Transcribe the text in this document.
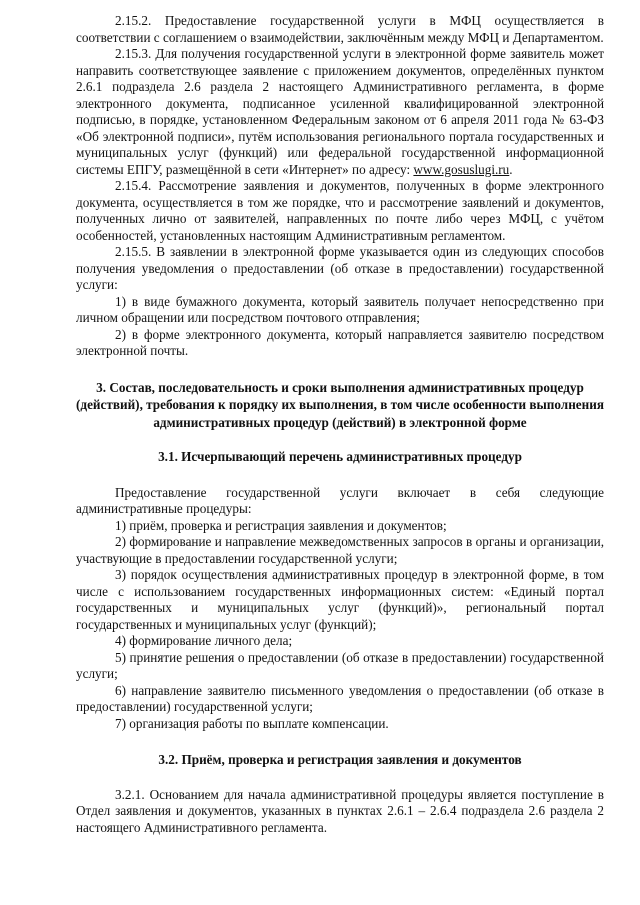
2.15.2. Предоставление государственной услуги в МФЦ осуществляется в соответствии с соглашением о взаимодействии, заключённым между МФЦ и Департаментом.

2.15.3. Для получения государственной услуги в электронной форме заявитель может направить соответствующее заявление с приложением документов, определённых пунктом 2.6.1 подраздела 2.6 раздела 2 настоящего Административного регламента, в форме электронного документа, подписанное усиленной квалифицированной электронной подписью, в порядке, установленном Федеральным законом от 6 апреля 2011 года № 63-ФЗ «Об электронной подписи», путём использования регионального портала государственных и муниципальных услуг (функций) или федеральной государственной информационной системы ЕПГУ, размещённой в сети «Интернет» по адресу: www.gosuslugi.ru.

2.15.4. Рассмотрение заявления и документов, полученных в форме электронного документа, осуществляется в том же порядке, что и рассмотрение заявлений и документов, полученных лично от заявителей, направленных по почте либо через МФЦ, с учётом особенностей, установленных настоящим Административным регламентом.

2.15.5. В заявлении в электронной форме указывается один из следующих способов получения уведомления о предоставлении (об отказе в предоставлении) государственной услуги:

1) в виде бумажного документа, который заявитель получает непосредственно при личном обращении или посредством почтового отправления;

2) в форме электронного документа, который направляется заявителю посредством электронной почты.

3. Состав, последовательность и сроки выполнения административных процедур (действий), требования к порядку их выполнения, в том числе особенности выполнения административных процедур (действий) в электронной форме
3.1. Исчерпывающий перечень административных процедур

Предоставление государственной услуги включает в себя следующие административные процедуры:

1) приём, проверка и регистрация заявления и документов;

2) формирование и направление межведомственных запросов в органы и организации, участвующие в предоставлении государственной услуги;

3) порядок осуществления административных процедур в электронной форме, в том числе с использованием государственных информационных систем: «Единый портал государственных и муниципальных услуг (функций)», региональный портал государственных и муниципальных услуг (функций);

4) формирование личного дела;

5) принятие решения о предоставлении (об отказе в предоставлении) государственной услуги;

6) направление заявителю письменного уведомления о предоставлении (об отказе в предоставлении) государственной услуги;

7) организация работы по выплате компенсации.

3.2. Приём, проверка и регистрация заявления и документов

3.2.1. Основанием для начала административной процедуры является поступление в Отдел заявления и документов, указанных в пунктах 2.6.1 – 2.6.4 подраздела 2.6 раздела 2 настоящего Административного регламента.
